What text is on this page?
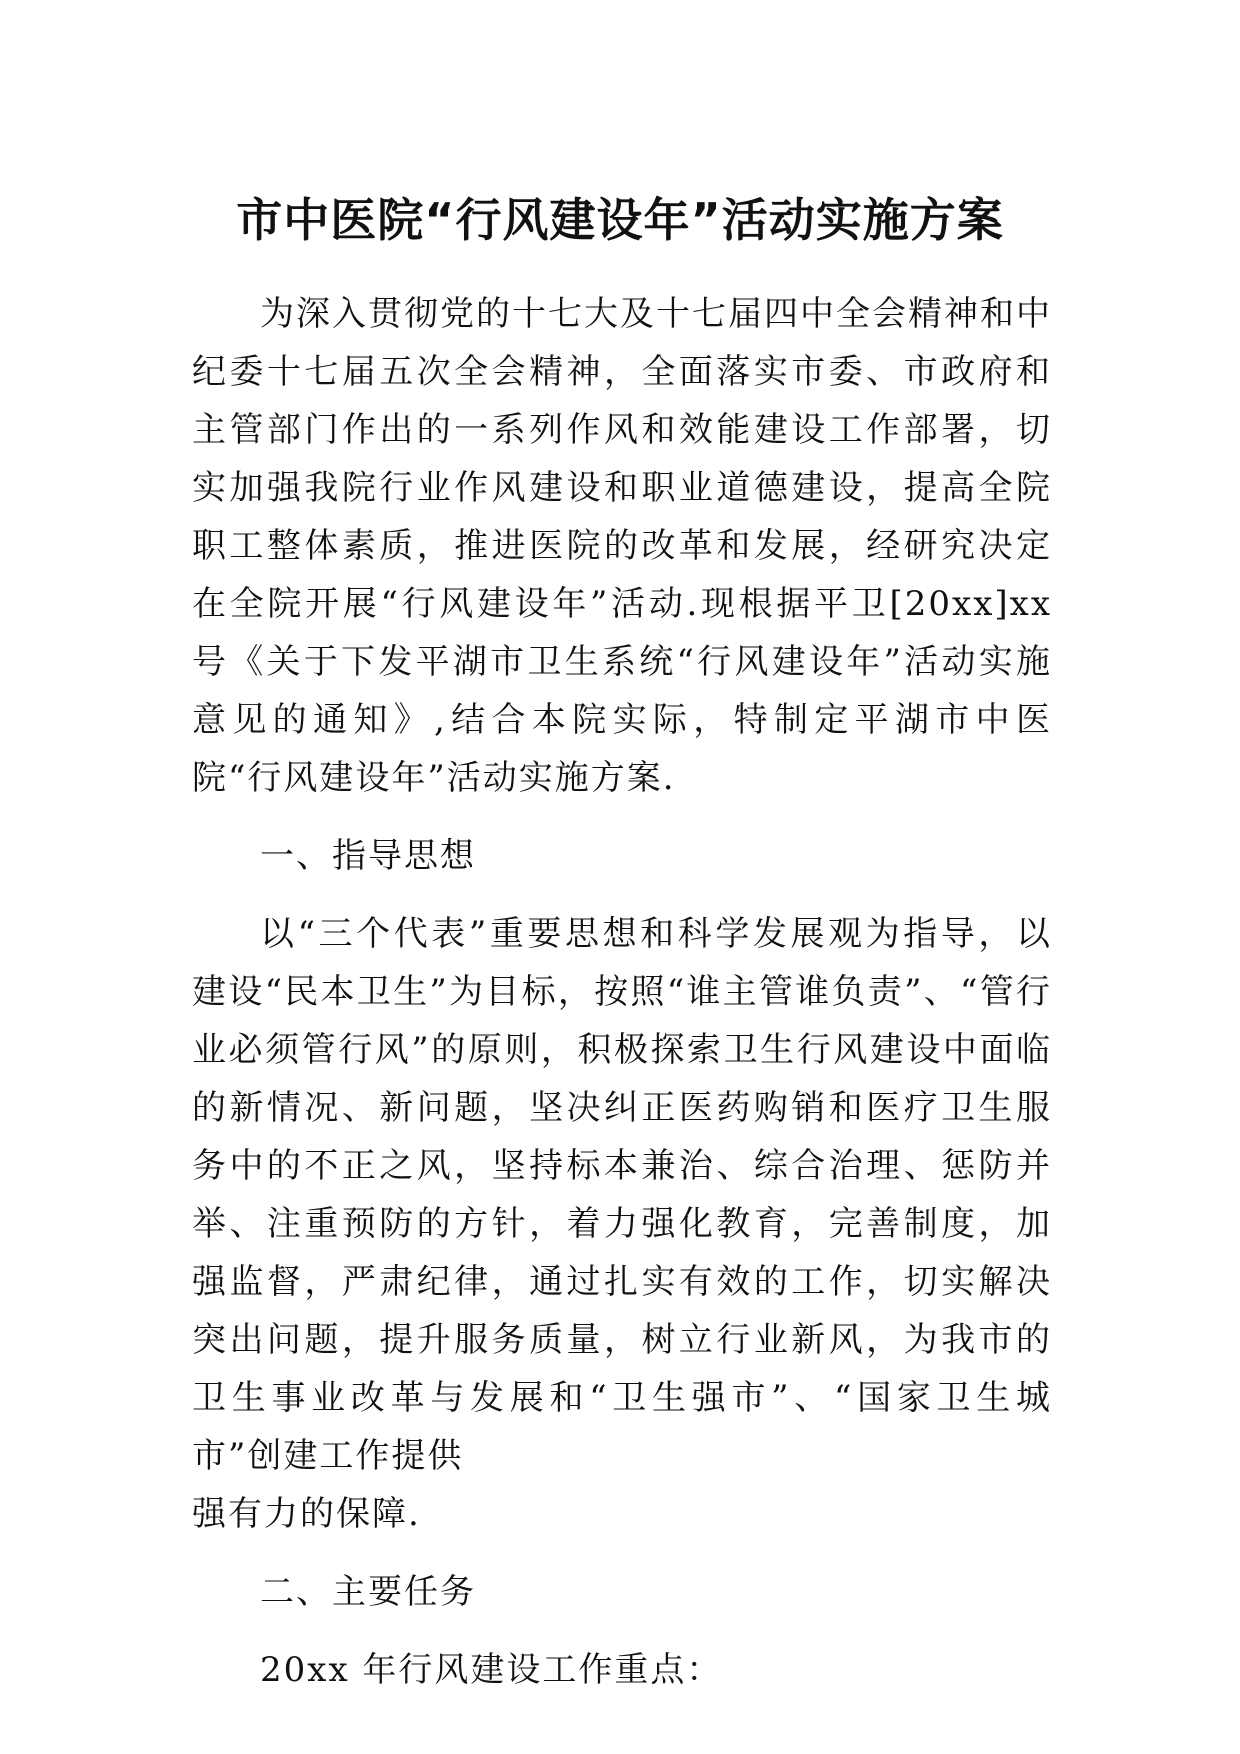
市中医院“行风建设年”活动实施方案

为深入贯彻党的十七大及十七届四中全会精神和中纪委十七届五次全会精神，全面落实市委、市政府和主管部门作出的一系列作风和效能建设工作部署，切实加强我院行业作风建设和职业道德建设，提高全院职工整体素质，推进医院的改革和发展，经研究决定在全院开展“行风建设年”活动.现根据平卫[20xx]xx 号《关于下发平湖市卫生系统“行风建设年”活动实施意见的通知》,结合本院实际，特制定平湖市中医院“行风建设年”活动实施方案.

一、指导思想

以“三个代表”重要思想和科学发展观为指导，以建设“民本卫生”为目标，按照“谁主管谁负责”、“管行业必须管行风”的原则，积极探索卫生行风建设中面临的新情况、新问题，坚决纠正医药购销和医疗卫生服务中的不正之风，坚持标本兼治、综合治理、惩防并举、注重预防的方针，着力强化教育，完善制度，加强监督，严肃纪律，通过扎实有效的工作，切实解决突出问题，提升服务质量，树立行业新风，为我市的卫生事业改革与发展和“卫生强市”、“国家卫生城市”创建工作提供

强有力的保障.

二、主要任务

20xx 年行风建设工作重点：
